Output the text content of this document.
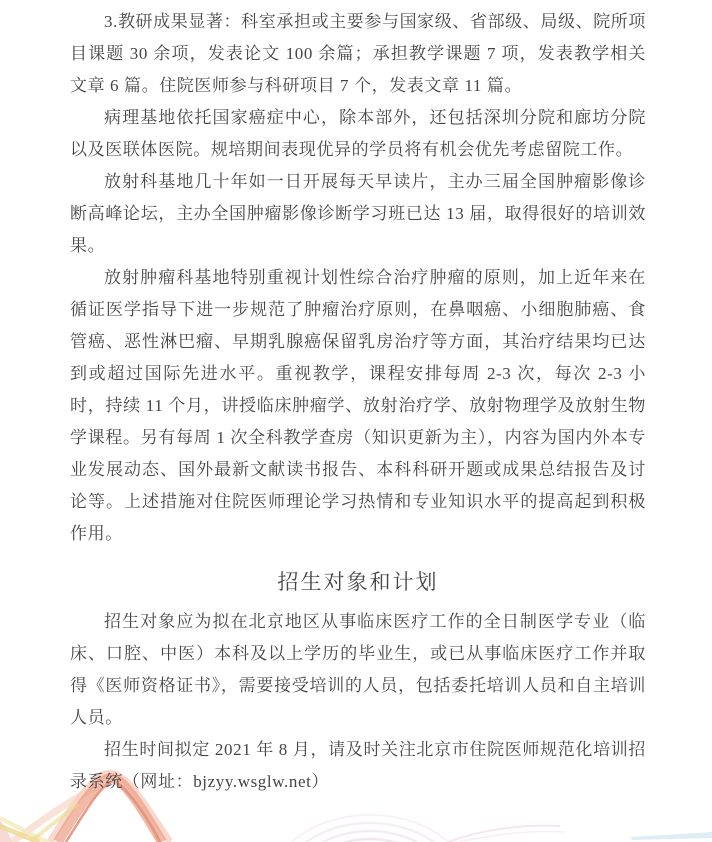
3.教研成果显著：科室承担或主要参与国家级、省部级、局级、院所项目课题 30 余项，发表论文 100 余篇；承担教学课题 7 项，发表教学相关文章 6 篇。住院医师参与科研项目 7 个，发表文章 11 篇。

病理基地依托国家癌症中心，除本部外，还包括深圳分院和廊坊分院以及医联体医院。规培期间表现优异的学员将有机会优先考虑留院工作。

放射科基地几十年如一日开展每天早读片，主办三届全国肿瘤影像诊断高峰论坛，主办全国肿瘤影像诊断学习班已达 13 届，取得很好的培训效果。

放射肿瘤科基地特别重视计划性综合治疗肿瘤的原则，加上近年来在循证医学指导下进一步规范了肿瘤治疗原则，在鼻咽癌、小细胞肺癌、食管癌、恶性淋巴瘤、早期乳腺癌保留乳房治疗等方面，其治疗结果均已达到或超过国际先进水平。重视教学，课程安排每周 2-3 次，每次 2-3 小时，持续 11 个月，讲授临床肿瘤学、放射治疗学、放射物理学及放射生物学课程。另有每周 1 次全科教学查房（知识更新为主），内容为国内外本专业发展动态、国外最新文献读书报告、本科科研开题或成果总结报告及讨论等。上述措施对住院医师理论学习热情和专业知识水平的提高起到积极作用。

招生对象和计划

招生对象应为拟在北京地区从事临床医疗工作的全日制医学专业（临床、口腔、中医）本科及以上学历的毕业生，或已从事临床医疗工作并取得《医师资格证书》，需要接受培训的人员，包括委托培训人员和自主培训人员。

招生时间拟定 2021 年 8 月，请及时关注北京市住院医师规范化培训招录系统（网址：bjzyy.wsglw.net）
